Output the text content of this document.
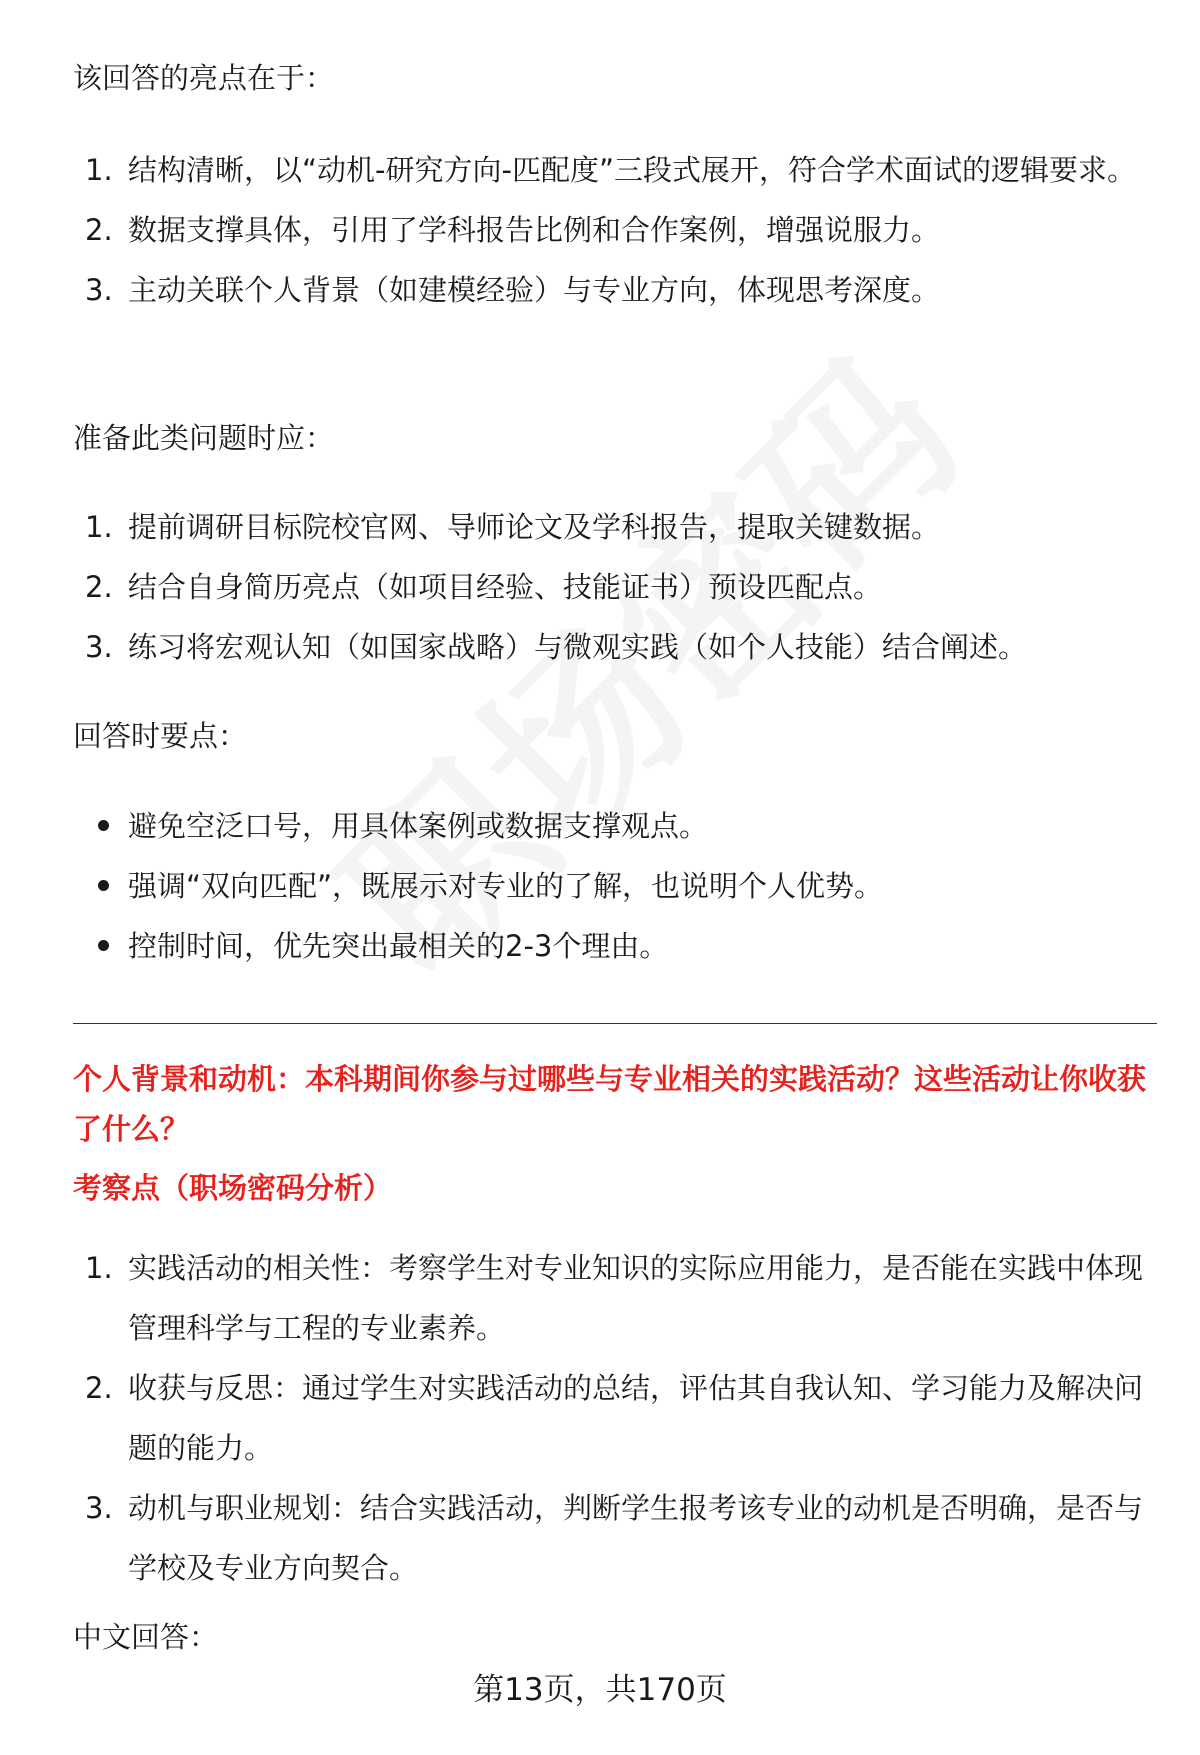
该回答的亮点在于：

1. 结构清晰，以“动机-研究方向-匹配度”三段式展开，符合学术面试的逻辑要求。
2. 数据支撑具体，引用了学科报告比例和合作案例，增强说服力。
3. 主动关联个人背景（如建模经验）与专业方向，体现思考深度。

准备此类问题时应：

1. 提前调研目标院校官网、导师论文及学科报告，提取关键数据。
2. 结合自身简历亮点（如项目经验、技能证书）预设匹配点。
3. 练习将宏观认知（如国家战略）与微观实践（如个人技能）结合阐述。

回答时要点：

避免空泛口号，用具体案例或数据支撑观点。
强调“双向匹配”，既展示对专业的了解，也说明个人优势。
控制时间，优先突出最相关的2-3个理由。
个人背景和动机：本科期间你参与过哪些与专业相关的实践活动？这些活动让你收获了什么？
考察点（职场密码分析）
1. 实践活动的相关性：考察学生对专业知识的实际应用能力，是否能在实践中体现管理科学与工程的专业素养。
2. 收获与反思：通过学生对实践活动的总结，评估其自我认知、学习能力及解决问题的能力。
3. 动机与职业规划：结合实践活动，判断学生报考该专业的动机是否明确，是否与学校及专业方向契合。

中文回答：

第13页，共170页
